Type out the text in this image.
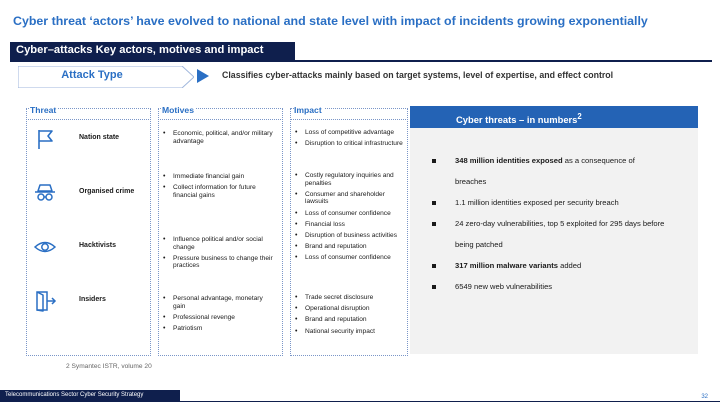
Cyber threat ‘actors’ have evolved to national and state level with impact of incidents growing exponentially
Cyber–attacks Key actors, motives and impact
Attack Type	Classifies cyber-attacks mainly based on target systems, level of expertise, and effect control
Threat
Nation state
Organised crime
Hacktivists
Insiders
Motives
• Economic, political, and/or military advantage
• Immediate financial gain
• Collect information for future financial gains
• Influence political and/or social change
• Pressure business to change their practices
• Personal advantage, monetary gain
• Professional revenge
• Patriotism
Impact
• Loss of competitive advantage
• Disruption to critical infrastructure
• Costly regulatory inquiries and penalties
• Consumer and shareholder lawsuits
• Loss of consumer confidence
• Financial loss
• Disruption of business activities
• Brand and reputation
• Loss of consumer confidence
• Trade secret disclosure
• Operational disruption
• Brand and reputation
• National security impact
Cyber threats – in numbers$^2$
348 million identities exposed as a consequence of
breaches
1.1 million identities exposed per security breach
24 zero-day vulnerabilities, top 5 exploited for 295 days before
being patched
317 million malware variants added
6549 new web vulnerabilities
2 Symantec ISTR, volume 20
Telecommunications Sector Cyber Security Strategy	32
